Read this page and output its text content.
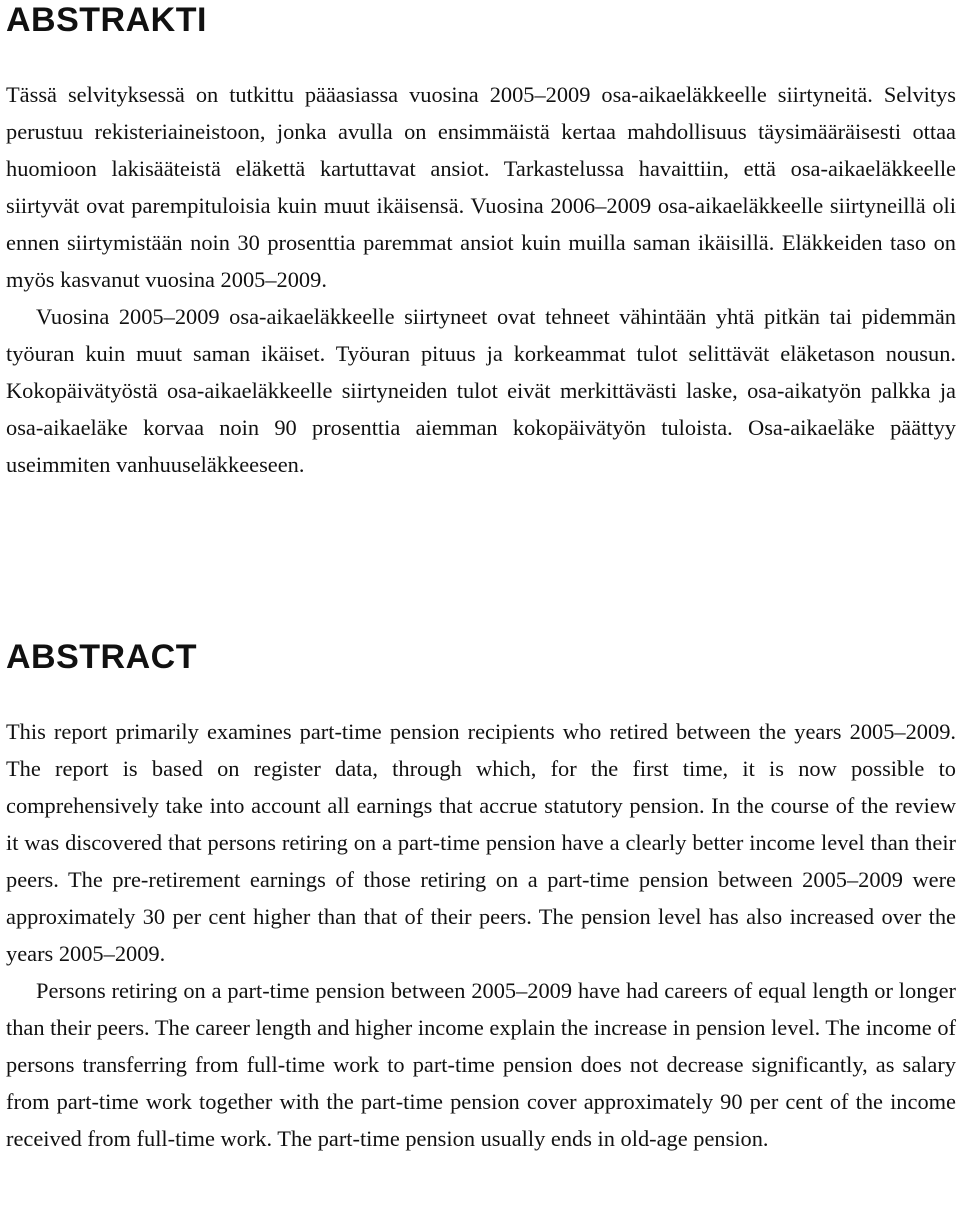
ABSTRAKTI

Tässä selvityksessä on tutkittu pääasiassa vuosina 2005–2009 osa-aikaeläkkeelle siirtyneitä. Selvitys perustuu rekisteriaineistoon, jonka avulla on ensimmäistä kertaa mahdollisuus täysimääräisesti ottaa huomioon lakisääteistä eläkettä kartuttavat ansiot. Tarkastelussa havaittiin, että osa-aikaeläkkeelle siirtyvät ovat parempituloisia kuin muut ikäisensä. Vuosina 2006–2009 osa-aikaeläkkeelle siirtyneillä oli ennen siirtymistään noin 30 prosenttia paremmat ansiot kuin muilla saman ikäisillä. Eläkkeiden taso on myös kasvanut vuosina 2005–2009.

Vuosina 2005–2009 osa-aikaeläkkeelle siirtyneet ovat tehneet vähintään yhtä pitkän tai pidemmän työuran kuin muut saman ikäiset. Työuran pituus ja korkeammat tulot selittävät eläketason nousun. Kokopäivätyöstä osa-aikaeläkkeelle siirtyneiden tulot eivät merkittävästi laske, osa-aikatyön palkka ja osa-aikaeläke korvaa noin 90 prosenttia aiemman kokopäivätyön tuloista. Osa-aikaeläke päättyy useimmiten vanhuuseläkkeeseen.

ABSTRACT

This report primarily examines part-time pension recipients who retired between the years 2005–2009. The report is based on register data, through which, for the first time, it is now possible to comprehensively take into account all earnings that accrue statutory pension. In the course of the review it was discovered that persons retiring on a part-time pension have a clearly better income level than their peers. The pre-retirement earnings of those retiring on a part-time pension between 2005–2009 were approximately 30 per cent higher than that of their peers. The pension level has also increased over the years 2005–2009.

Persons retiring on a part-time pension between 2005–2009 have had careers of equal length or longer than their peers. The career length and higher income explain the increase in pension level. The income of persons transferring from full-time work to part-time pension does not decrease significantly, as salary from part-time work together with the part-time pension cover approximately 90 per cent of the income received from full-time work. The part-time pension usually ends in old-age pension.
